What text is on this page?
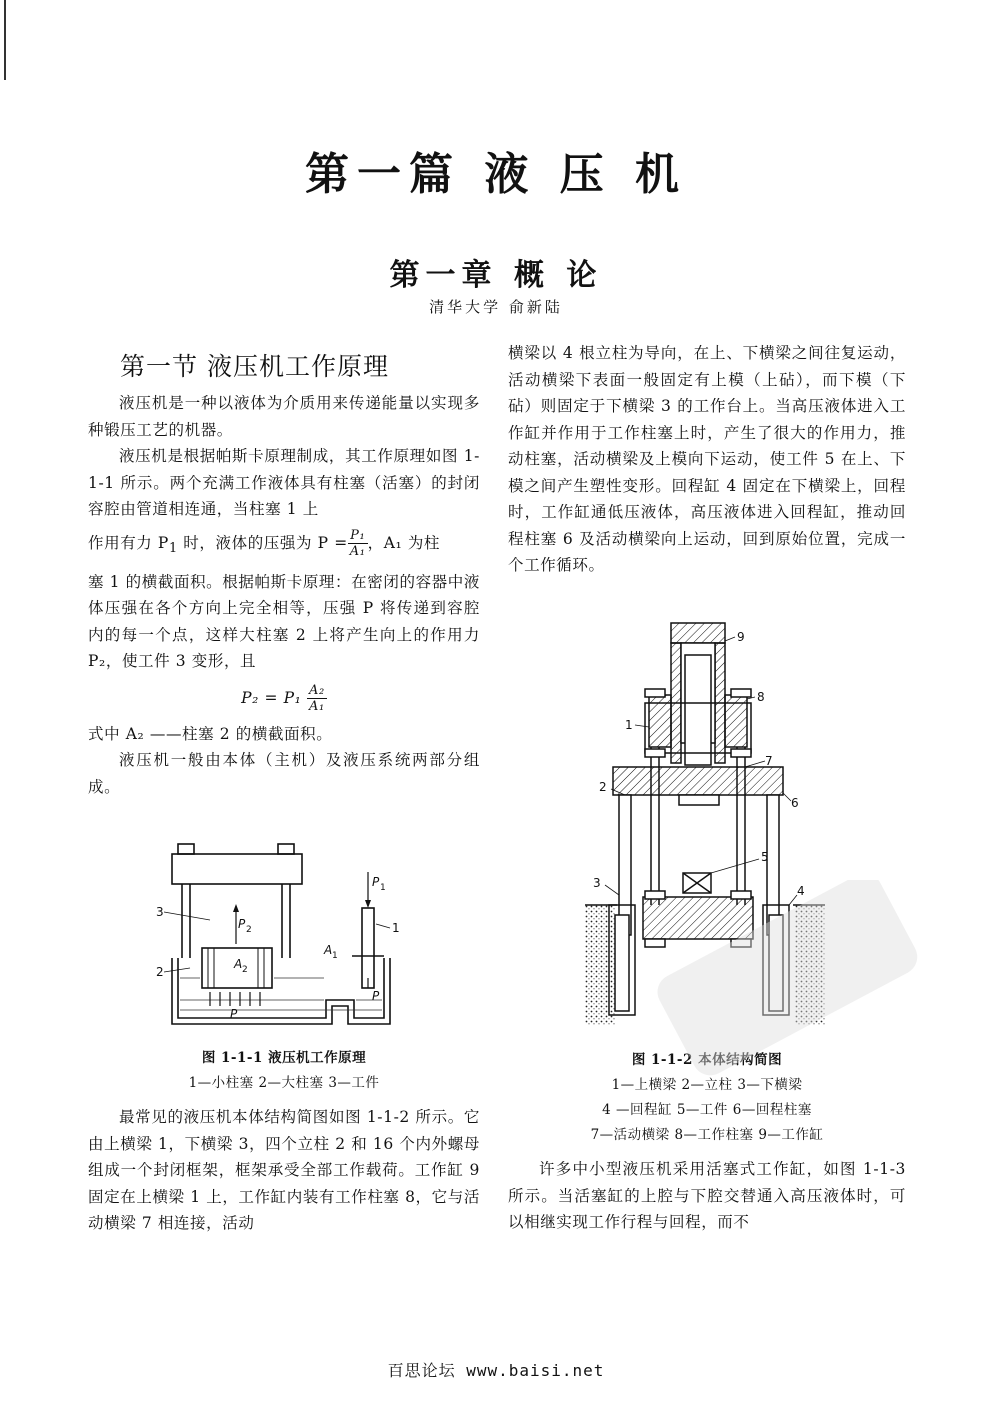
第一篇 液 压 机
第一章 概 论
清华大学 俞新陆
第一节 液压机工作原理

液压机是一种以液体为介质用来传递能量以实现多种锻压工艺的机器。

液压机是根据帕斯卡原理制成，其工作原理如图 1-1-1 所示。两个充满工作液体具有柱塞（活塞）的封闭容腔由管道相连通，当柱塞 1 上

作用有力 $P_1$ 时，液体的压强为 $P = \frac{\text{P₁}}{\text{A₁}}$ ，A₁ 为柱

塞 1 的横截面积。根据帕斯卡原理：在密闭的容器中液体压强在各个方向上完全相等，压强 P 将传递到容腔内的每一个点，这样大柱塞 2 上将产生向上的作用力 P₂，使工件 3 变形，且

$P_2 = P_1 \frac{\text{A₂}}{\text{A₁}}$

式中 A₂ ——柱塞 2 的横截面积。

液压机一般由本体（主机）及液压系统两部分组成。

3
2
1
P 1
P 2
A 1
A 2
P
P
图 1-1-1 液压机工作原理
1—小柱塞 2—大柱塞 3—工件

最常见的液压机本体结构简图如图 1-1-2 所示。它由上横梁 1，下横梁 3，四个立柱 2 和 16 个内外螺母组成一个封闭框架，框架承受全部工作载荷。工作缸 9 固定在上横梁 1 上，工作缸内装有工作柱塞 8，它与活动横梁 7 相连接，活动

横梁以 4 根立柱为导向，在上、下横梁之间往复运动，活动横梁下表面一般固定有上模（上砧），而下模（下砧）则固定于下横梁 3 的工作台上。当高压液体进入工作缸并作用于工作柱塞上时，产生了很大的作用力，推动柱塞，活动横梁及上模向下运动，使工件 5 在上、下模之间产生塑性变形。回程缸 4 固定在下横梁上，回程时，工作缸通低压液体，高压液体进入回程缸，推动回程柱塞 6 及活动横梁向上运动，回到原始位置，完成一个工作循环。

9
8
1
2
7
6
5
3
4
图 1-1-2 本体结构简图
1—上横梁 2—立柱 3—下横梁
4 —回程缸 5—工件 6—回程柱塞
7—活动横梁 8—工作柱塞 9—工作缸

许多中小型液压机采用活塞式工作缸，如图 1-1-3 所示。当活塞缸的上腔与下腔交替通入高压液体时，可以相继实现工作行程与回程，而不

百思论坛 www.baisi.net
